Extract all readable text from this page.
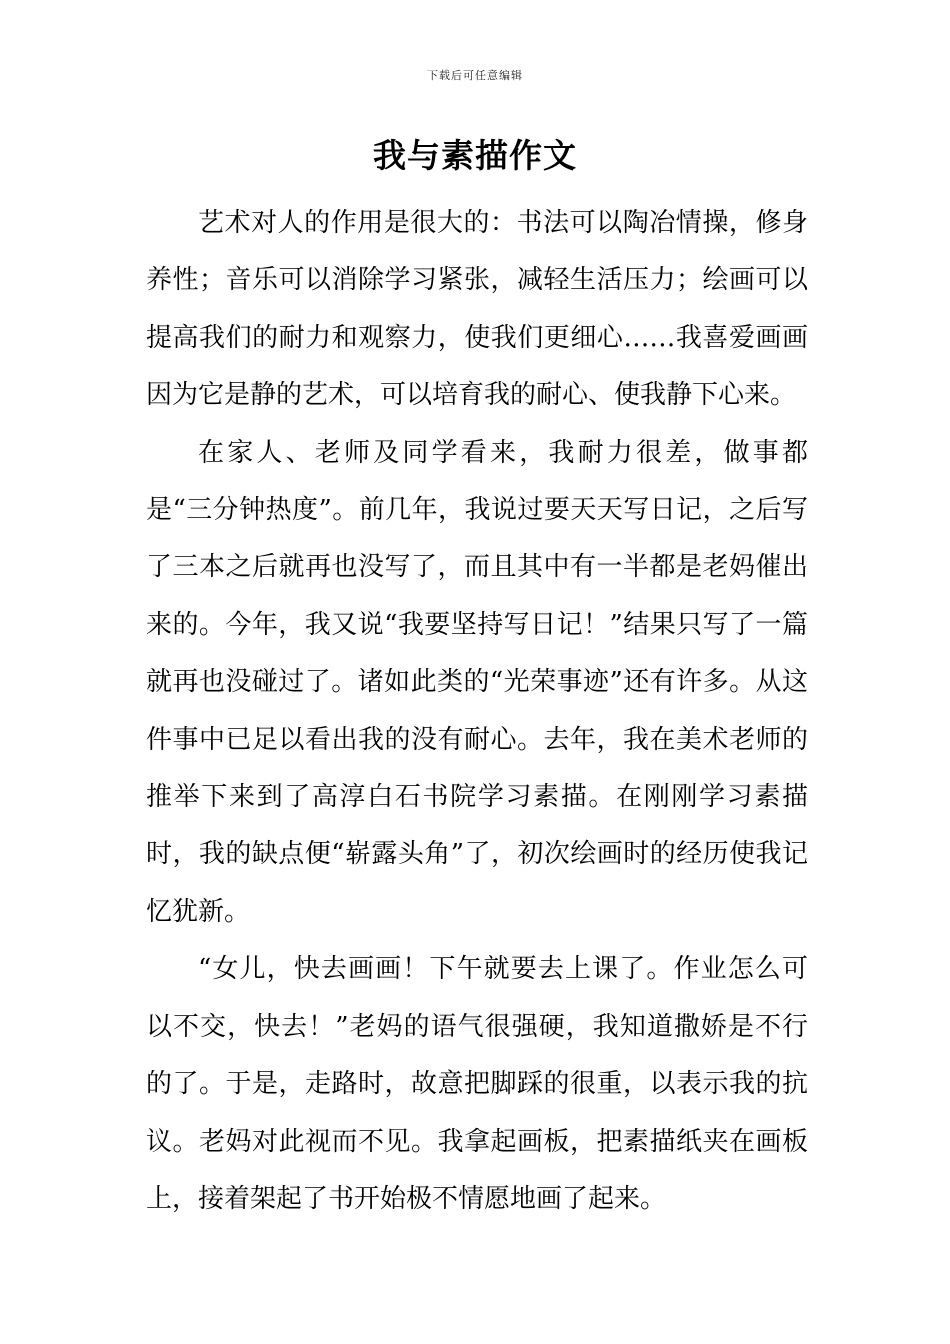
下载后可任意编辑
我与素描作文

艺术对人的作用是很大的：书法可以陶冶情操，修身养性；音乐可以消除学习紧张，减轻生活压力；绘画可以提高我们的耐力和观察力，使我们更细心……我喜爱画画因为它是静的艺术，可以培育我的耐心、使我静下心来。

在家人、老师及同学看来，我耐力很差，做事都是“三分钟热度”。前几年，我说过要天天写日记，之后写了三本之后就再也没写了，而且其中有一半都是老妈催出来的。今年，我又说“我要坚持写日记！”结果只写了一篇就再也没碰过了。诸如此类的“光荣事迹”还有许多。从这件事中已足以看出我的没有耐心。去年，我在美术老师的推举下来到了高淳白石书院学习素描。在刚刚学习素描时，我的缺点便“崭露头角”了，初次绘画时的经历使我记忆犹新。

“女儿，快去画画！下午就要去上课了。作业怎么可以不交，快去！”老妈的语气很强硬，我知道撒娇是不行的了。于是，走路时，故意把脚踩的很重，以表示我的抗议。老妈对此视而不见。我拿起画板，把素描纸夹在画板上，接着架起了书开始极不情愿地画了起来。
